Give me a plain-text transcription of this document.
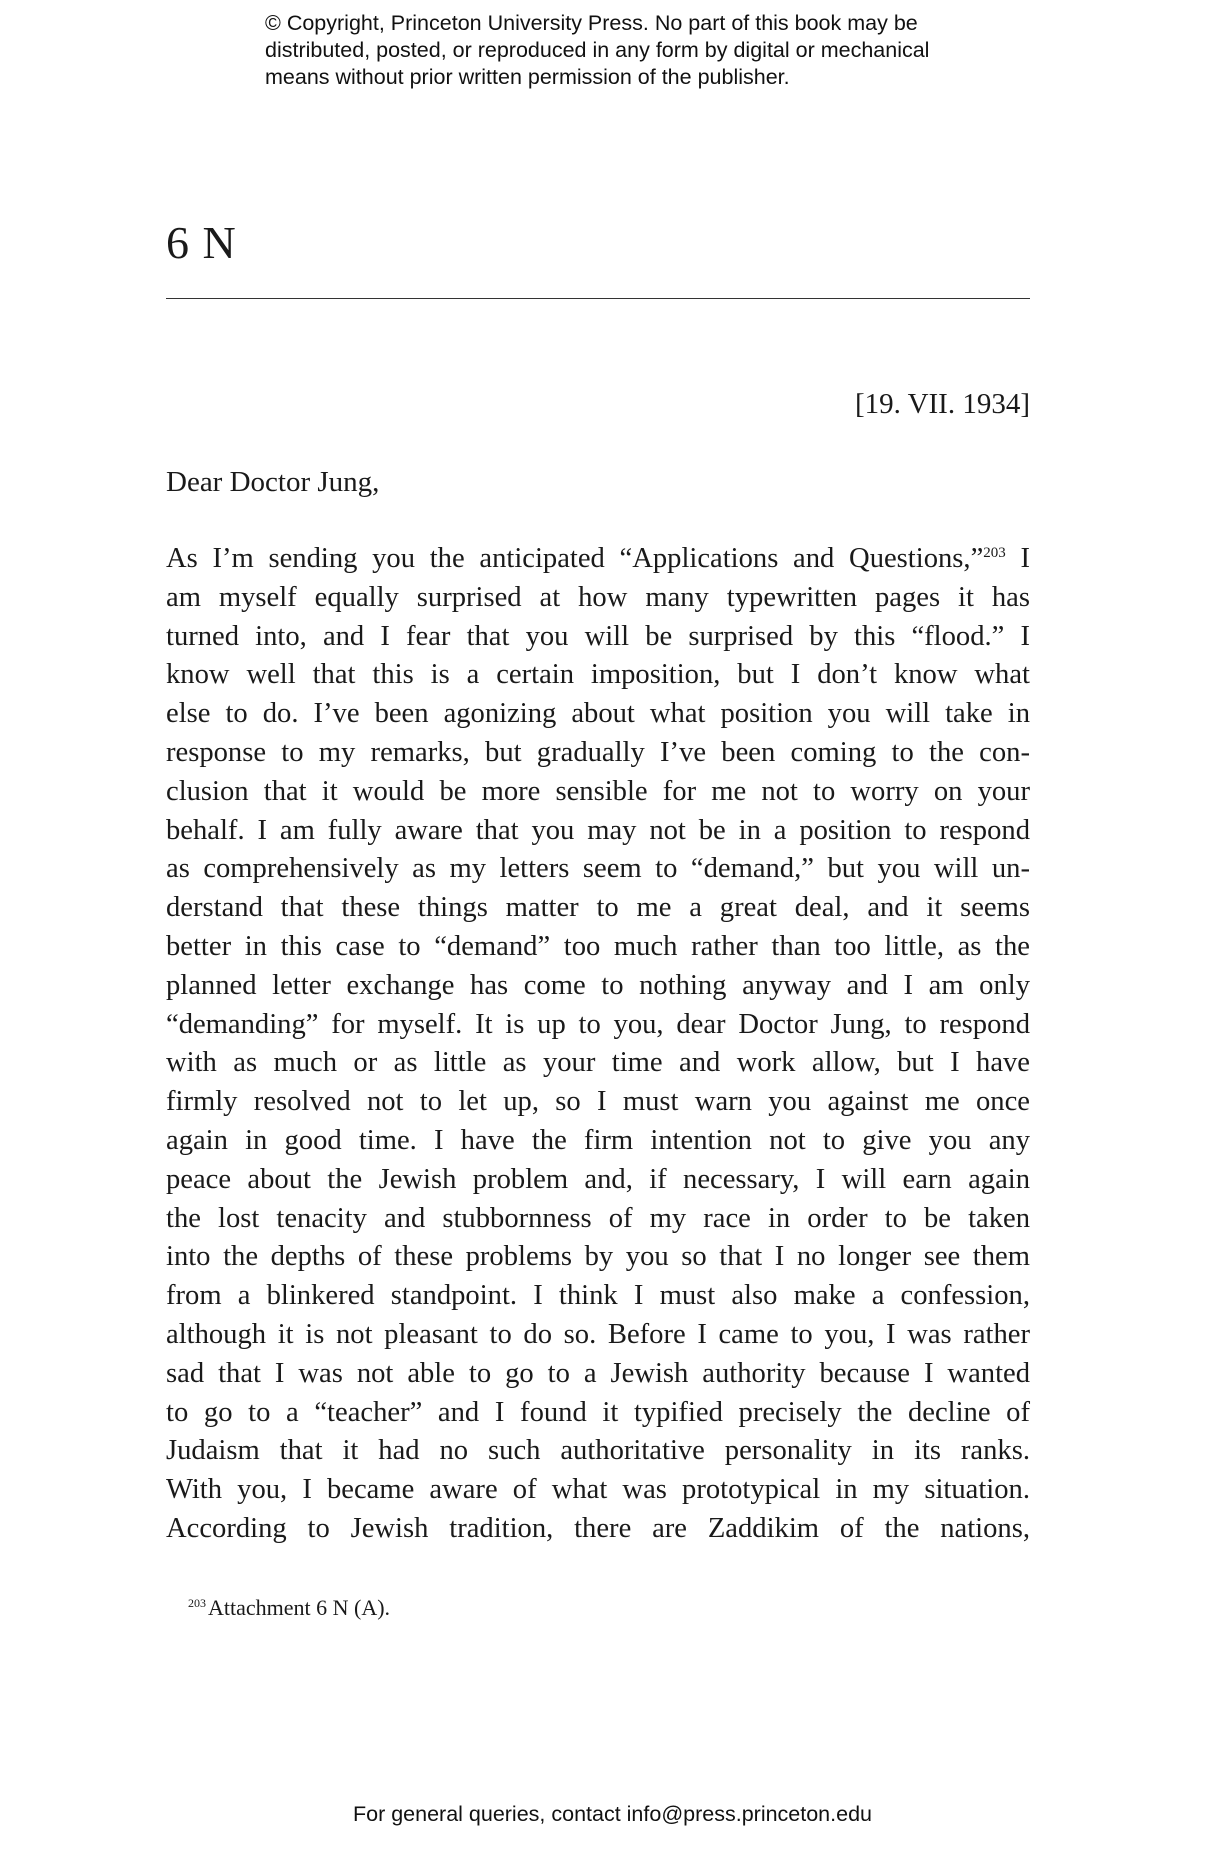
© Copyright, Princeton University Press. No part of this book may be
distributed, posted, or reproduced in any form by digital or mechanical
means without prior written permission of the publisher.
6 N
[19. VII. 1934]
Dear Doctor Jung,
As I’m sending you the anticipated “Applications and Questions,”$^{203}$ I
am myself equally surprised at how many typewritten pages it has
turned into, and I fear that you will be surprised by this “flood.” I
know well that this is a certain imposition, but I don’t know what
else to do. I’ve been agonizing about what position you will take in
response to my remarks, but gradually I’ve been coming to the con-
clusion that it would be more sensible for me not to worry on your
behalf. I am fully aware that you may not be in a position to respond
as comprehensively as my letters seem to “demand,” but you will un-
derstand that these things matter to me a great deal, and it seems
better in this case to “demand” too much rather than too little, as the
planned letter exchange has come to nothing anyway and I am only
“demanding” for myself. It is up to you, dear Doctor Jung, to respond
with as much or as little as your time and work allow, but I have
firmly resolved not to let up, so I must warn you against me once
again in good time. I have the firm intention not to give you any
peace about the Jewish problem and, if necessary, I will earn again
the lost tenacity and stubbornness of my race in order to be taken
into the depths of these problems by you so that I no longer see them
from a blinkered standpoint. I think I must also make a confession,
although it is not pleasant to do so. Before I came to you, I was rather
sad that I was not able to go to a Jewish authority because I wanted
to go to a “teacher” and I found it typified precisely the decline of
Judaism that it had no such authoritative personality in its ranks.
With you, I became aware of what was prototypical in my situation.
According to Jewish tradition, there are Zaddikim of the nations,
$^{203}$Attachment 6 N (A).
For general queries, contact info@press.princeton.edu
